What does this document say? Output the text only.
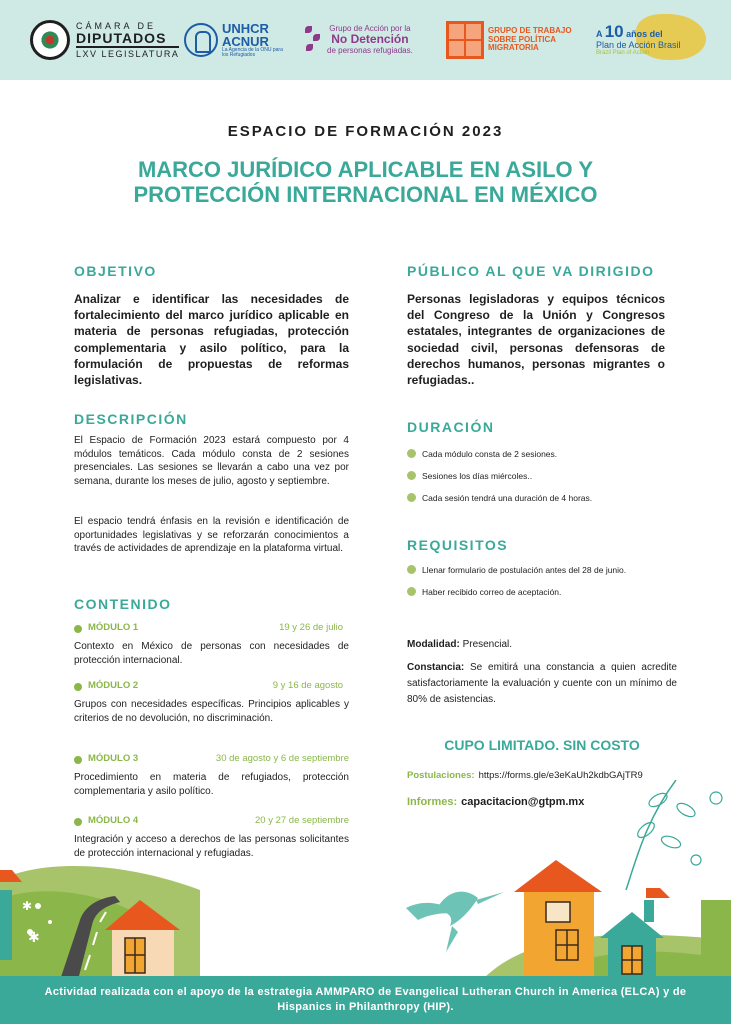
CÁMARA DE
DIPUTADOS
LXV LEGISLATURA
UNHCR
ACNUR
La Agencia de la ONU para los Refugiados
Grupo de Acción por la
No Detención
de personas refugiadas.
GRUPO DE TRABAJO
SOBRE POLÍTICA
MIGRATORIA
A 10 años del
Plan de Acción Brasil
Brazil Plan of Action
ESPACIO DE FORMACIÓN 2023
MARCO JURÍDICO APLICABLE EN ASILO Y
PROTECCIÓN INTERNACIONAL EN MÉXICO
OBJETIVO
Analizar e identificar las necesidades de fortalecimiento del marco jurídico aplicable en materia de personas refugiadas, protección complementaria y asilo político, para la formulación de propuestas de reformas legislativas.
DESCRIPCIÓN
El Espacio de Formación 2023 estará compuesto por 4 módulos temáticos. Cada módulo consta de 2 sesiones presenciales. Las sesiones se llevarán a cabo una vez por semana, durante los meses de julio, agosto y septiembre.
El espacio tendrá énfasis en la revisión e identificación de oportunidades legislativas y se reforzarán conocimientos a través de actividades de aprendizaje en la plataforma virtual.
CONTENIDO
MÓDULO 1	19 y 26 de julio
Contexto en México de personas con necesidades de protección internacional.
MÓDULO 2	9 y 16 de agosto
Grupos con necesidades específicas. Principios aplicables y criterios de no devolución, no discriminación.
MÓDULO 3	30 de agosto y 6 de septiembre
Procedimiento en materia de refugiados, protección complementaria y asilo político.
MÓDULO 4	20 y 27 de septiembre
Integración y acceso a derechos de las personas solicitantes de protección internacional y refugiadas.
PÚBLICO AL QUE VA DIRIGIDO
Personas legisladoras y equipos técnicos del Congreso de la Unión y Congresos estatales, integrantes de organizaciones de sociedad civil, personas defensoras de derechos humanos, personas migrantes o refugiadas..
DURACIÓN
Cada módulo consta de 2 sesiones.
Sesiones los días miércoles..
Cada sesión tendrá una duración de 4 horas.
REQUISITOS
Llenar formulario de postulación antes del 28 de junio.
Haber recibido correo de aceptación.
Modalidad: Presencial.
Constancia: Se emitirá una constancia a quien acredite satisfactoriamente la evaluación y cuente con un mínimo de 80% de asistencias.
CUPO LIMITADO. SIN COSTO
Postulaciones: https://forms.gle/e3eKaUh2kdbGAjTR9
Informes: capacitacion@gtpm.mx
✱
✱
Actividad realizada con el apoyo de la estrategia AMMPARO de Evangelical Lutheran Church in America (ELCA) y de Hispanics in Philanthropy (HIP).
